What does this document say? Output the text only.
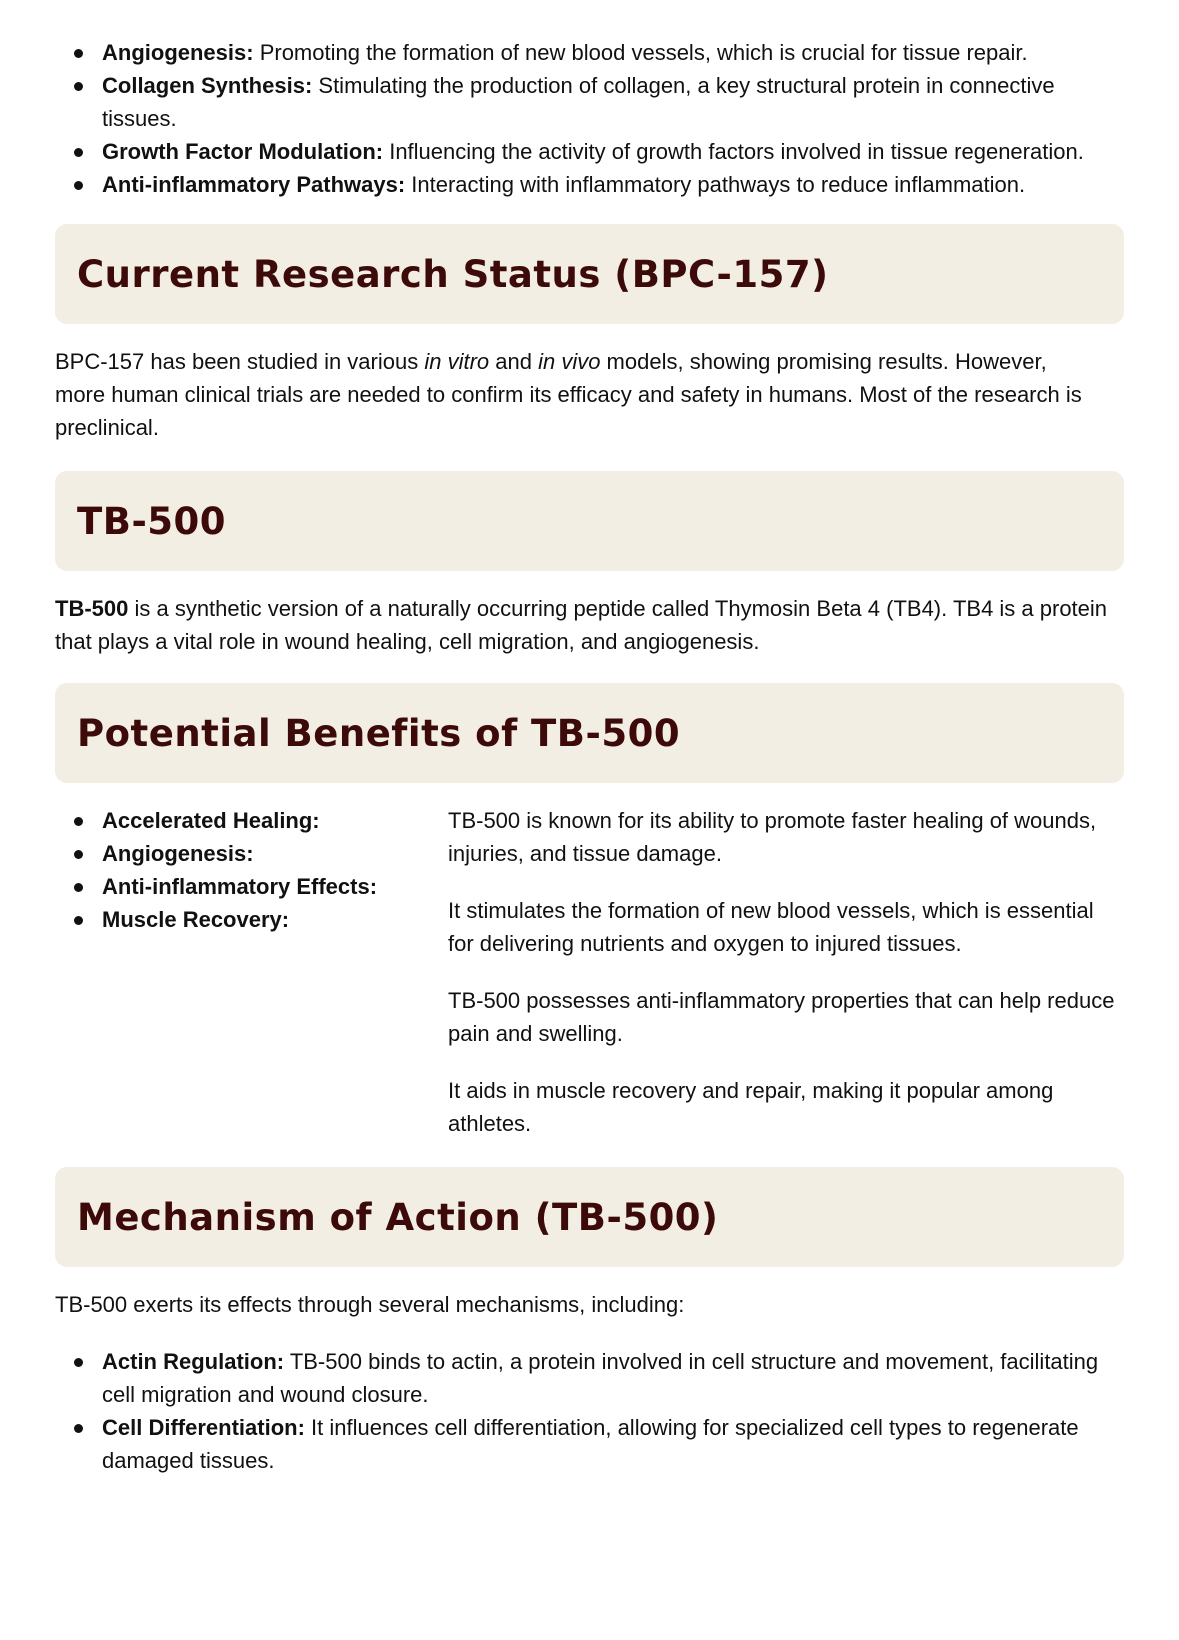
Angiogenesis: Promoting the formation of new blood vessels, which is crucial for tissue repair.
Collagen Synthesis: Stimulating the production of collagen, a key structural protein in connective tissues.
Growth Factor Modulation: Influencing the activity of growth factors involved in tissue regeneration.
Anti-inflammatory Pathways: Interacting with inflammatory pathways to reduce inflammation.
Current Research Status (BPC-157)

BPC-157 has been studied in various in vitro and in vivo models, showing promising results. However, more human clinical trials are needed to confirm its efficacy and safety in humans. Most of the research is preclinical.

TB-500

TB-500 is a synthetic version of a naturally occurring peptide called Thymosin Beta 4 (TB4). TB4 is a protein that plays a vital role in wound healing, cell migration, and angiogenesis.

Potential Benefits of TB-500
Accelerated Healing:
Angiogenesis:
Anti-inflammatory Effects:
Muscle Recovery:

TB-500 is known for its ability to promote faster healing of wounds, injuries, and tissue damage.

It stimulates the formation of new blood vessels, which is essential for delivering nutrients and oxygen to injured tissues.

TB-500 possesses anti-inflammatory properties that can help reduce pain and swelling.

It aids in muscle recovery and repair, making it popular among athletes.

Mechanism of Action (TB-500)

TB-500 exerts its effects through several mechanisms, including:

Actin Regulation: TB-500 binds to actin, a protein involved in cell structure and movement, facilitating cell migration and wound closure.
Cell Differentiation: It influences cell differentiation, allowing for specialized cell types to regenerate damaged tissues.
